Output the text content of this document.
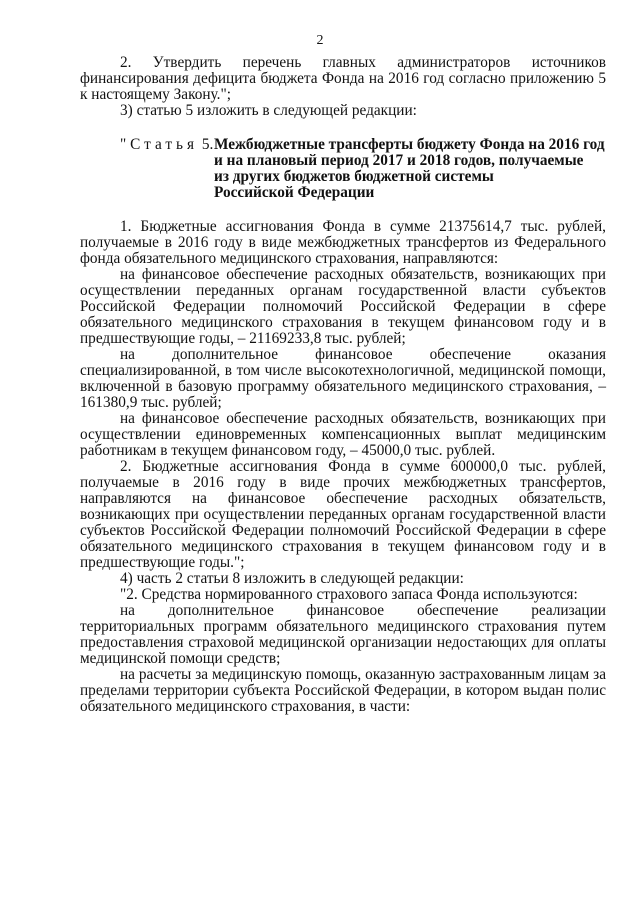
2

2. Утвердить перечень главных администраторов источников финансирования дефицита бюджета Фонда на 2016 год согласно приложению 5 к настоящему Закону.";

3) статью 5 изложить в следующей редакции:

" Статья 5. Межбюджетные трансферты бюджету Фонда на 2016 год
и на плановый период 2017 и 2018 годов, получаемые
из других бюджетов бюджетной системы
Российской Федерации

1. Бюджетные ассигнования Фонда в сумме 21375614,7 тыс. рублей, получаемые в 2016 году в виде межбюджетных трансфертов из Федерального фонда обязательного медицинского страхования, направляются:

на финансовое обеспечение расходных обязательств, возникающих при осуществлении переданных органам государственной власти субъектов Российской Федерации полномочий Российской Федерации в сфере обязательного медицинского страхования в текущем финансовом году и в предшествующие годы, – 21169233,8 тыс. рублей;

на дополнительное финансовое обеспечение оказания специализированной, в том числе высокотехнологичной, медицинской помощи, включенной в базовую программу обязательного медицинского страхования, – 161380,9 тыс. рублей;

на финансовое обеспечение расходных обязательств, возникающих при осуществлении единовременных компенсационных выплат медицинским работникам в текущем финансовом году, – 45000,0 тыс. рублей.

2. Бюджетные ассигнования Фонда в сумме 600000,0 тыс. рублей, получаемые в 2016 году в виде прочих межбюджетных трансфертов, направляются на финансовое обеспечение расходных обязательств, возникающих при осуществлении переданных органам государственной власти субъектов Российской Федерации полномочий Российской Федерации в сфере обязательного медицинского страхования в текущем финансовом году и в предшествующие годы.";

4) часть 2 статьи 8 изложить в следующей редакции:

"2. Средства нормированного страхового запаса Фонда используются:

на дополнительное финансовое обеспечение реализации территориальных программ обязательного медицинского страхования путем предоставления страховой медицинской организации недостающих для оплаты медицинской помощи средств;

на расчеты за медицинскую помощь, оказанную застрахованным лицам за пределами территории субъекта Российской Федерации, в котором выдан полис обязательного медицинского страхования, в части:
